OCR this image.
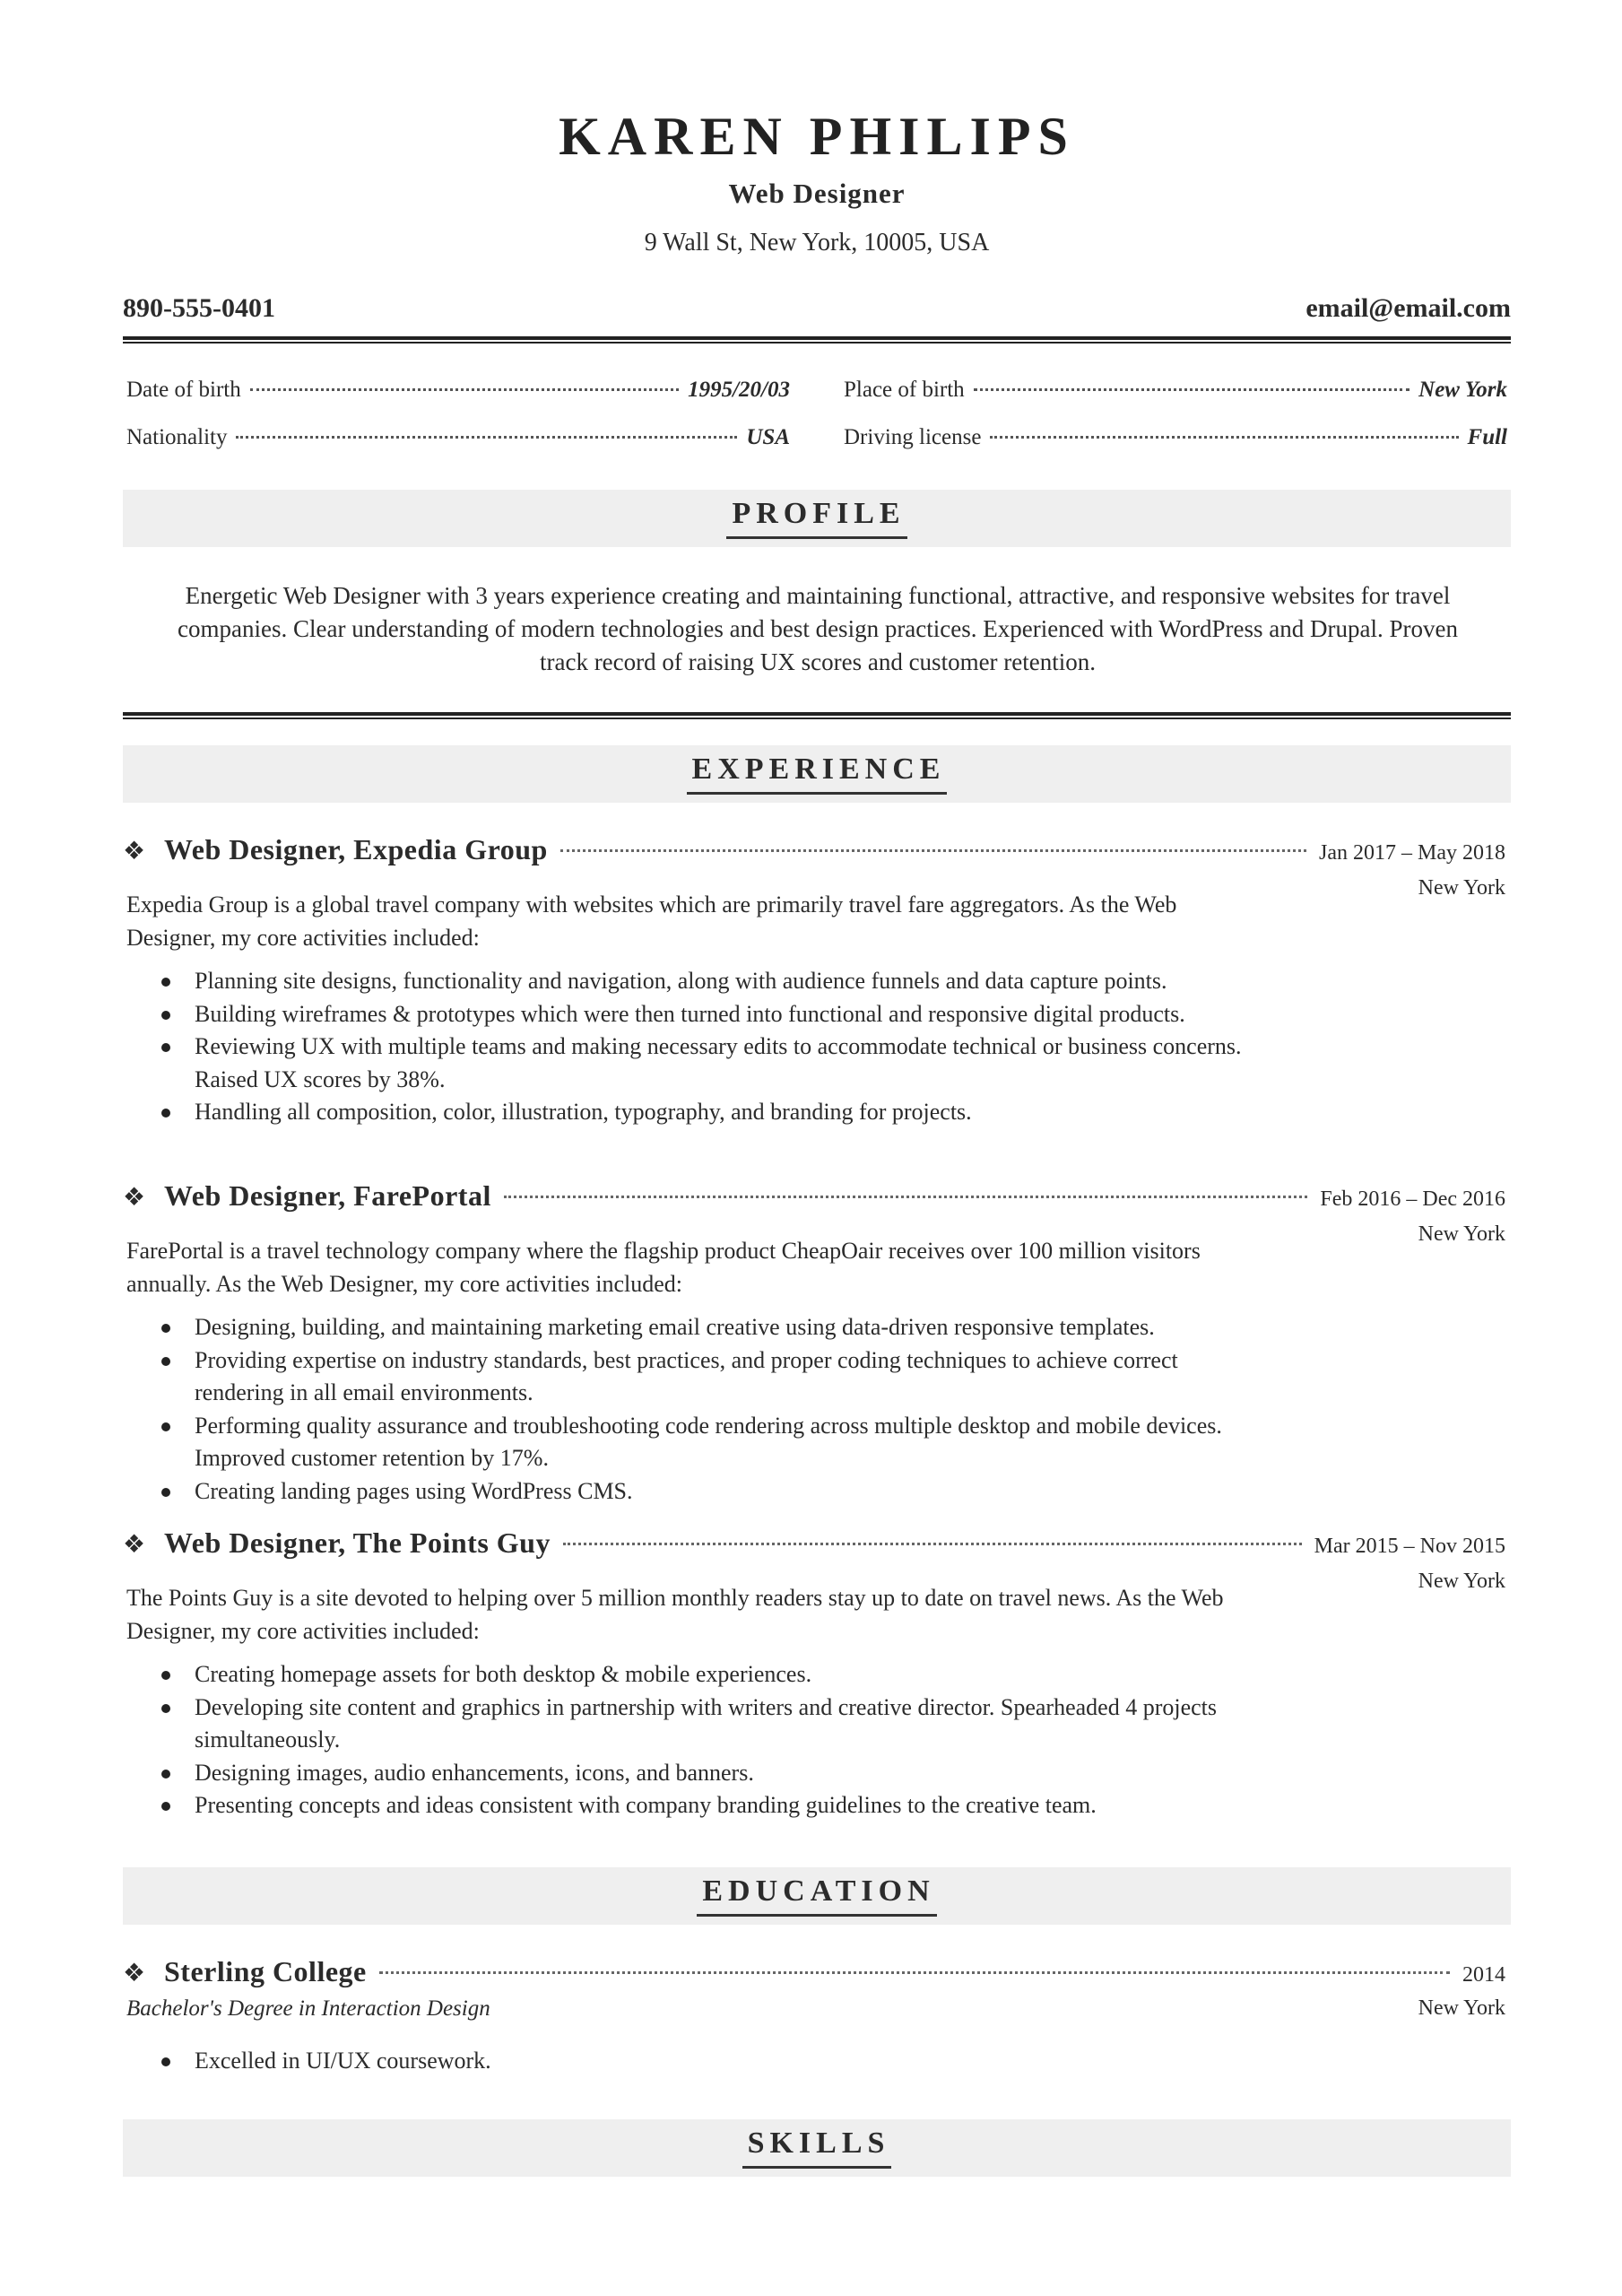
KAREN PHILIPS
Web Designer
9 Wall St, New York, 10005, USA
890-555-0401	email@email.com
Date of birth	1995/20/03 Place of birth	New York
Nationality	USA Driving license	Full
PROFILE
Energetic Web Designer with 3 years experience creating and maintaining functional, attractive, and responsive websites for travel companies. Clear understanding of modern technologies and best design practices. Experienced with WordPress and Drupal. Proven track record of raising UX scores and customer retention.
EXPERIENCE
❖ Web Designer, Expedia Group	Jan 2017 – May 2018
New York
Expedia Group is a global travel company with websites which are primarily travel fare aggregators. As the Web Designer, my core activities included:
Planning site designs, functionality and navigation, along with audience funnels and data capture points.
Building wireframes & prototypes which were then turned into functional and responsive digital products.
Reviewing UX with multiple teams and making necessary edits to accommodate technical or business concerns. Raised UX scores by 38%.
Handling all composition, color, illustration, typography, and branding for projects.
❖ Web Designer, FarePortal	Feb 2016 – Dec 2016
New York
FarePortal is a travel technology company where the flagship product CheapOair receives over 100 million visitors annually. As the Web Designer, my core activities included:
Designing, building, and maintaining marketing email creative using data-driven responsive templates.
Providing expertise on industry standards, best practices, and proper coding techniques to achieve correct rendering in all email environments.
Performing quality assurance and troubleshooting code rendering across multiple desktop and mobile devices. Improved customer retention by 17%.
Creating landing pages using WordPress CMS.
❖ Web Designer, The Points Guy	Mar 2015 – Nov 2015
New York
The Points Guy is a site devoted to helping over 5 million monthly readers stay up to date on travel news. As the Web Designer, my core activities included:
Creating homepage assets for both desktop & mobile experiences.
Developing site content and graphics in partnership with writers and creative director. Spearheaded 4 projects simultaneously.
Designing images, audio enhancements, icons, and banners.
Presenting concepts and ideas consistent with company branding guidelines to the creative team.
EDUCATION
❖ Sterling College	2014
Bachelor's Degree in Interaction Design	New York
Excelled in UI/UX coursework.
SKILLS
